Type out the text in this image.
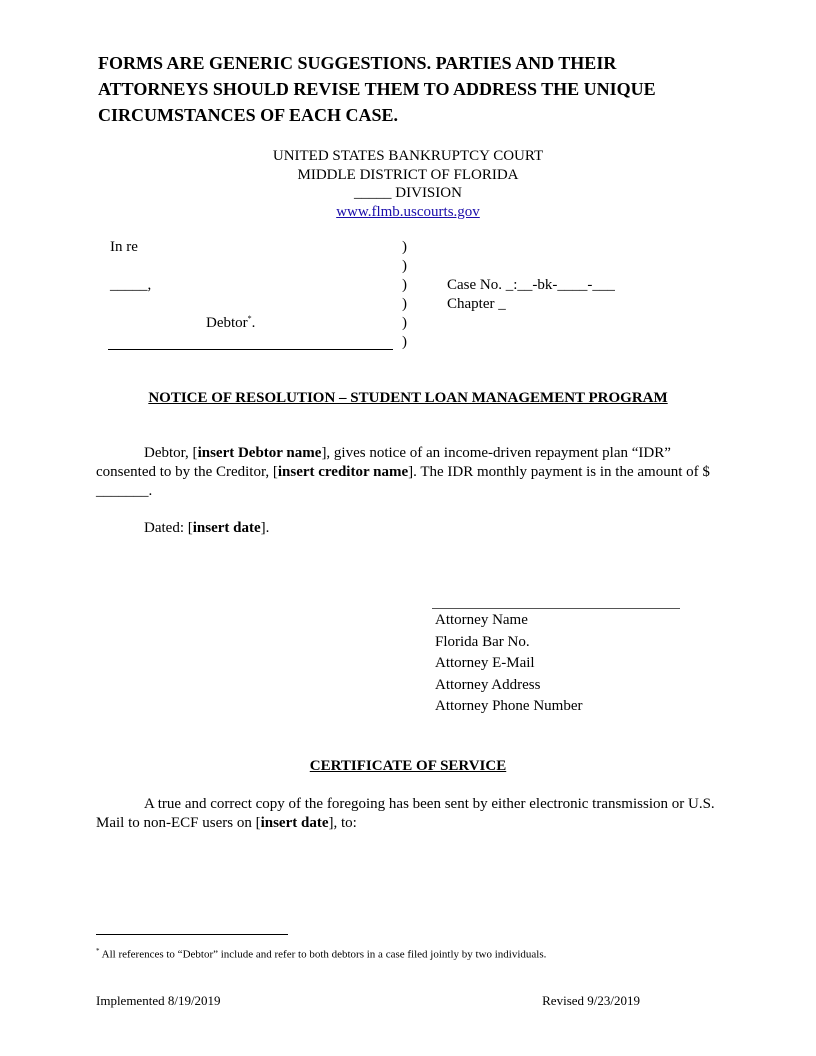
FORMS ARE GENERIC SUGGESTIONS. PARTIES AND THEIR
ATTORNEYS SHOULD REVISE THEM TO ADDRESS THE UNIQUE
CIRCUMSTANCES OF EACH CASE.
UNITED STATES BANKRUPTCY COURT
MIDDLE DISTRICT OF FLORIDA
_____ DIVISION
www.flmb.uscourts.gov
In re

_____,
Debtor*.
)
)
)
)
)
)
Case No. _:__-bk-____-___
Chapter _
NOTICE OF RESOLUTION – STUDENT LOAN MANAGEMENT PROGRAM

Debtor, [insert Debtor name], gives notice of an income-driven repayment plan “IDR” consented to by the Creditor, [insert creditor name]. The IDR monthly payment is in the amount of $ _______.

Dated: [insert date].

Attorney Name
Florida Bar No.
Attorney E-Mail
Attorney Address
Attorney Phone Number
CERTIFICATE OF SERVICE

A true and correct copy of the foregoing has been sent by either electronic transmission or U.S. Mail to non-ECF users on [insert date], to:

* All references to “Debtor” include and refer to both debtors in a case filed jointly by two individuals.
Implemented 8/19/2019	Revised 9/23/2019
